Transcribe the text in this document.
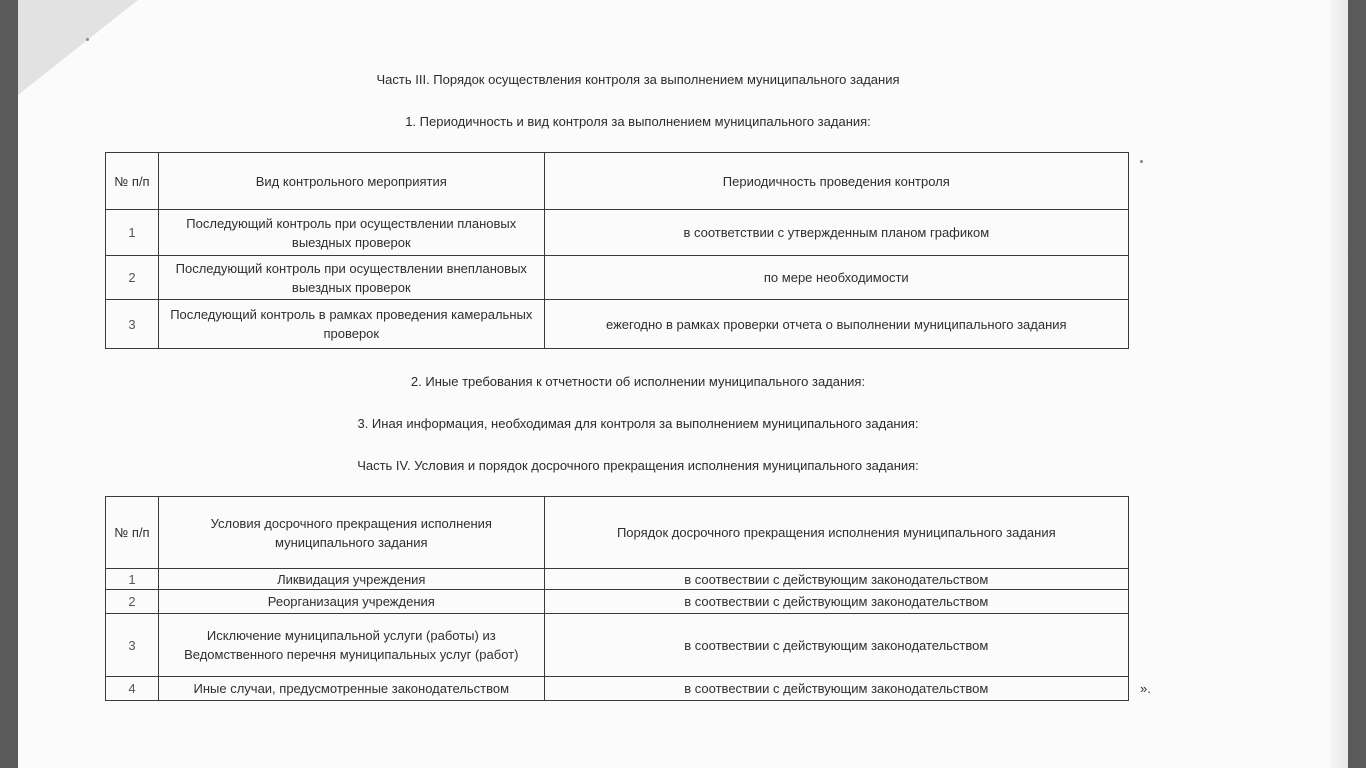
Часть III. Порядок осуществления контроля за выполнением муниципального задания
1. Периодичность и вид контроля за выполнением муниципального задания:
№ п/п	Вид контрольного мероприятия	Периодичность проведения контроля
1	Последующий контроль при осуществлении плановых выездных проверок	в соответствии с утвержденным планом графиком
2	Последующий контроль при осуществлении внеплановых выездных проверок	по мере необходимости
3	Последующий контроль в рамках проведения камеральных проверок	ежегодно в рамках проверки отчета о выполнении муниципального задания
2. Иные требования к отчетности об исполнении муниципального задания:
3. Иная информация, необходимая для контроля за выполнением муниципального задания:
Часть IV. Условия и порядок досрочного прекращения исполнения муниципального задания:
№ п/п	Условия досрочного прекращения исполнения муниципального задания	Порядок досрочного прекращения исполнения муниципального задания
1	Ликвидация учреждения	в соотвествии с действующим законодательством
2	Реорганизация учреждения	в соотвествии с действующим законодательством
3	Исключение муниципальной услуги (работы) из Ведомственного перечня муниципальных услуг (работ)	в соотвествии с действующим законодательством
4	Иные случаи, предусмотренные законодательством	в соотвествии с действующим законодательством	».
